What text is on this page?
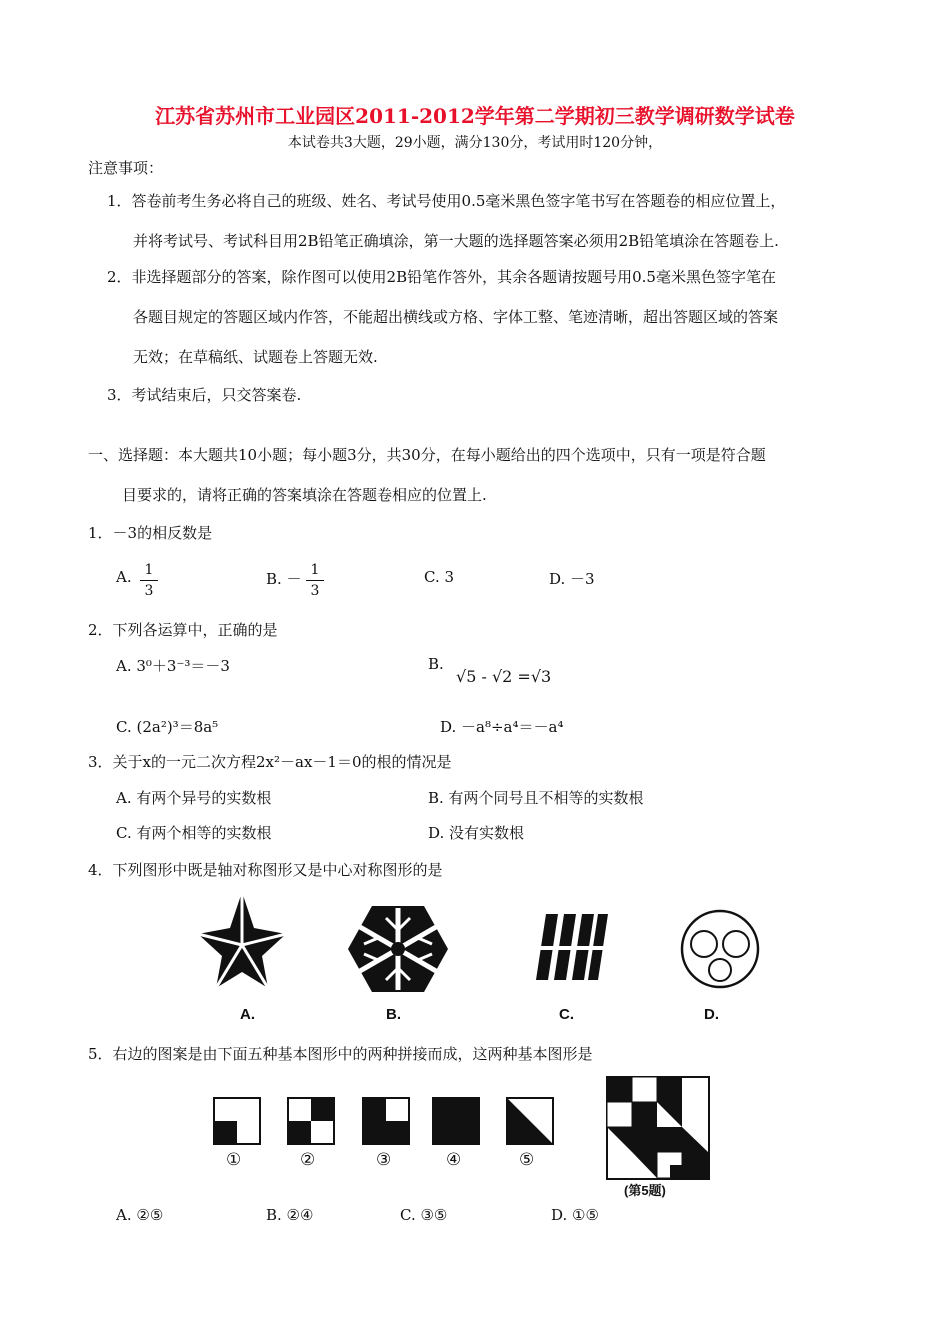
江苏省苏州市工业园区2011-2012学年第二学期初三教学调研数学试卷
本试卷共3大题，29小题，满分130分，考试用时120分钟，
注意事项：
1．答卷前考生务必将自己的班级、姓名、考试号使用0.5毫米黑色签字笔书写在答题卷的相应位置上，
并将考试号、考试科目用2B铅笔正确填涂，第一大题的选择题答案必须用2B铅笔填涂在答题卷上.
2．非选择题部分的答案，除作图可以使用2B铅笔作答外，其余各题请按题号用0.5毫米黑色签字笔在
各题目规定的答题区域内作答，不能超出横线或方格、字体工整、笔迹清晰，超出答题区域的答案
无效；在草稿纸、试题卷上答题无效.
3．考试结束后，只交答案卷.
一、选择题：本大题共10小题；每小题3分，共30分，在每小题给出的四个选项中，只有一项是符合题
目要求的，请将正确的答案填涂在答题卷相应的位置上.
1．－3的相反数是
A. 1
3
B. － 1
3
C. 3	D. －3
2．下列各运算中，正确的是
A. 3⁰＋3⁻³＝－3	B.
√5 - √2 =√3
C. (2a²)³＝8a⁵	D. －a⁸÷a⁴＝－a⁴
3．关于x的一元二次方程2x²－ax－1＝0的根的情况是
A. 有两个异号的实数根	B. 有两个同号且不相等的实数根
C. 有两个相等的实数根	D. 没有实数根
4．下列图形中既是轴对称图形又是中心对称图形的是
A.	B.	C.	D.
5．右边的图案是由下面五种基本图形中的两种拼接而成，这两种基本图形是
①	②	③	④	⑤
(第5题)
A. ②⑤	B. ②④	C. ③⑤	D. ①⑤
